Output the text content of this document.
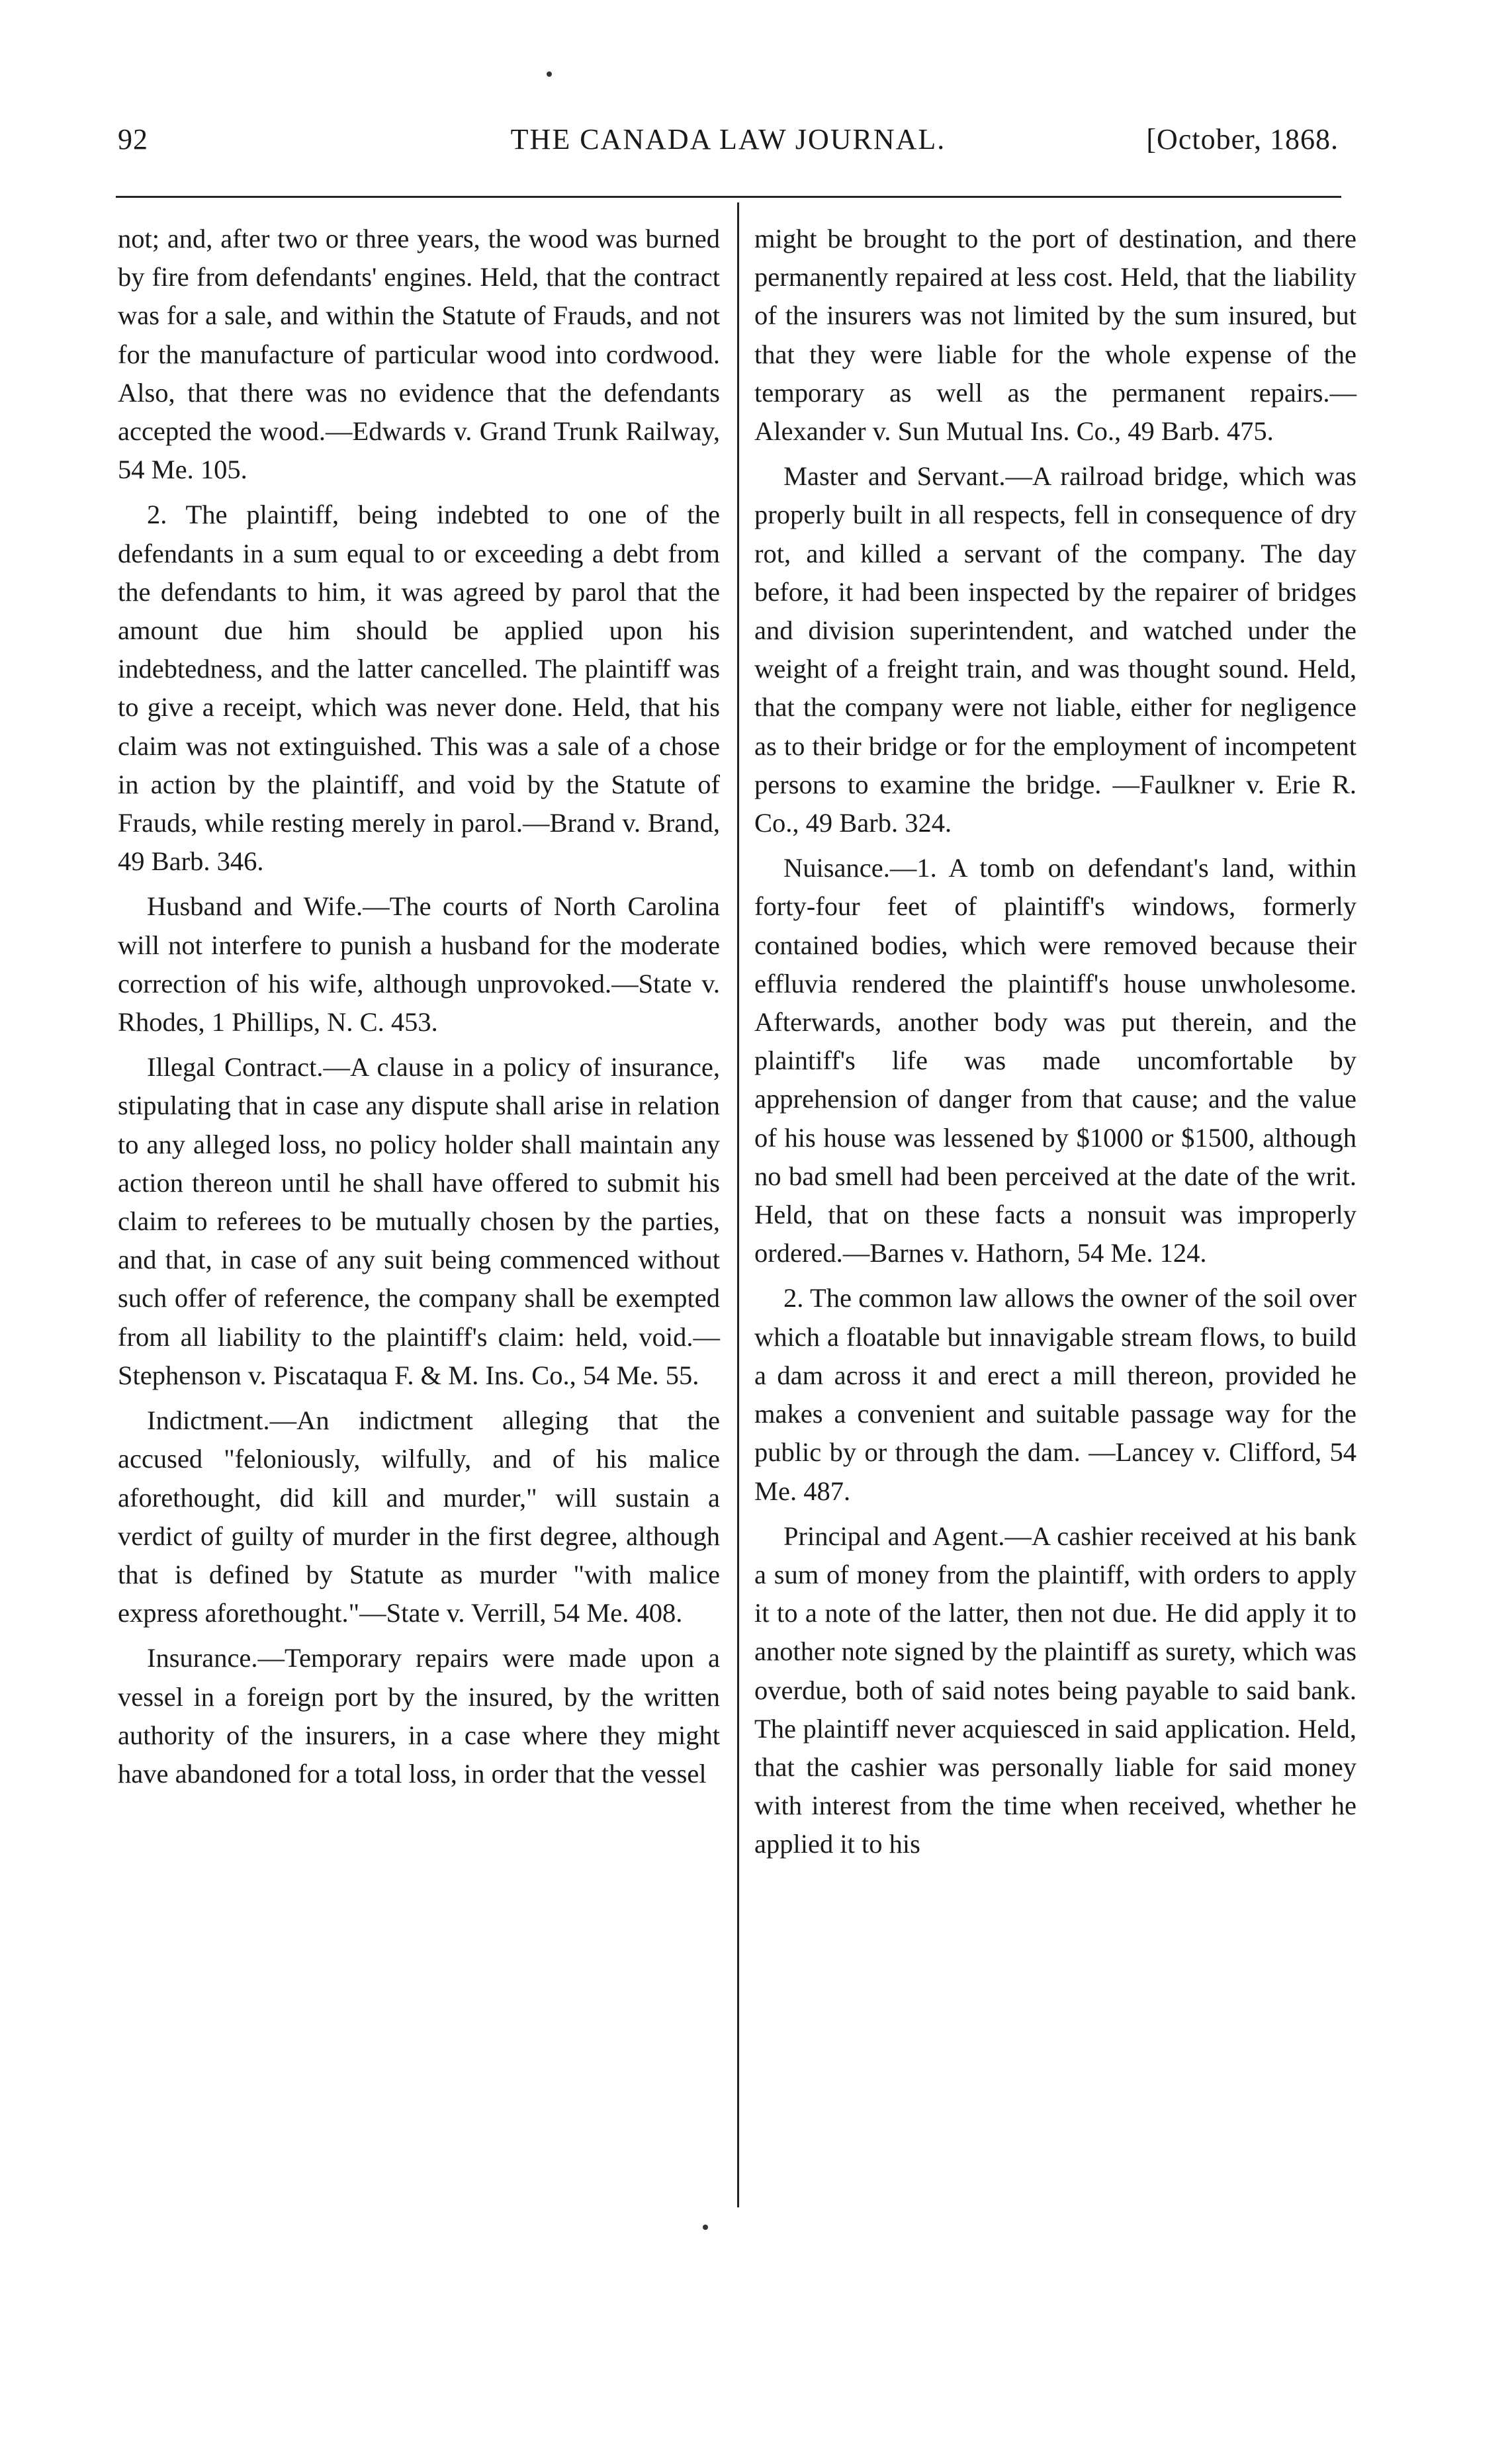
92	THE CANADA LAW JOURNAL.	[October, 1868.

not; and, after two or three years, the wood was burned by fire from defendants' engines. Held, that the contract was for a sale, and within the Statute of Frauds, and not for the manufacture of particular wood into cordwood. Also, that there was no evidence that the defendants accepted the wood.—Edwards v. Grand Trunk Railway, 54 Me. 105.

2. The plaintiff, being indebted to one of the defendants in a sum equal to or exceeding a debt from the defendants to him, it was agreed by parol that the amount due him should be applied upon his indebtedness, and the latter cancelled. The plaintiff was to give a receipt, which was never done. Held, that his claim was not extinguished. This was a sale of a chose in action by the plaintiff, and void by the Statute of Frauds, while resting merely in parol.—Brand v. Brand, 49 Barb. 346.

Husband and Wife.—The courts of North Carolina will not interfere to punish a husband for the moderate correction of his wife, although unprovoked.—State v. Rhodes, 1 Phillips, N. C. 453.

Illegal Contract.—A clause in a policy of insurance, stipulating that in case any dispute shall arise in relation to any alleged loss, no policy holder shall maintain any action thereon until he shall have offered to submit his claim to referees to be mutually chosen by the parties, and that, in case of any suit being commenced without such offer of reference, the company shall be exempted from all liability to the plaintiff's claim: held, void.—Stephenson v. Piscataqua F. & M. Ins. Co., 54 Me. 55.

Indictment.—An indictment alleging that the accused "feloniously, wilfully, and of his malice aforethought, did kill and murder," will sustain a verdict of guilty of murder in the first degree, although that is defined by Statute as murder "with malice express aforethought."—State v. Verrill, 54 Me. 408.

Insurance.—Temporary repairs were made upon a vessel in a foreign port by the insured, by the written authority of the insurers, in a case where they might have abandoned for a total loss, in order that the vessel

might be brought to the port of destination, and there permanently repaired at less cost. Held, that the liability of the insurers was not limited by the sum insured, but that they were liable for the whole expense of the temporary as well as the permanent repairs.—Alexander v. Sun Mutual Ins. Co., 49 Barb. 475.

Master and Servant.—A railroad bridge, which was properly built in all respects, fell in consequence of dry rot, and killed a servant of the company. The day before, it had been inspected by the repairer of bridges and division superintendent, and watched under the weight of a freight train, and was thought sound. Held, that the company were not liable, either for negligence as to their bridge or for the employment of incompetent persons to examine the bridge. —Faulkner v. Erie R. Co., 49 Barb. 324.

Nuisance.—1. A tomb on defendant's land, within forty-four feet of plaintiff's windows, formerly contained bodies, which were removed because their effluvia rendered the plaintiff's house unwholesome. Afterwards, another body was put therein, and the plaintiff's life was made uncomfortable by apprehension of danger from that cause; and the value of his house was lessened by $1000 or $1500, although no bad smell had been perceived at the date of the writ. Held, that on these facts a nonsuit was improperly ordered.—Barnes v. Hathorn, 54 Me. 124.

2. The common law allows the owner of the soil over which a floatable but innavigable stream flows, to build a dam across it and erect a mill thereon, provided he makes a convenient and suitable passage way for the public by or through the dam. —Lancey v. Clifford, 54 Me. 487.

Principal and Agent.—A cashier received at his bank a sum of money from the plaintiff, with orders to apply it to a note of the latter, then not due. He did apply it to another note signed by the plaintiff as surety, which was overdue, both of said notes being payable to said bank. The plaintiff never acquiesced in said application. Held, that the cashier was personally liable for said money with interest from the time when received, whether he applied it to his
